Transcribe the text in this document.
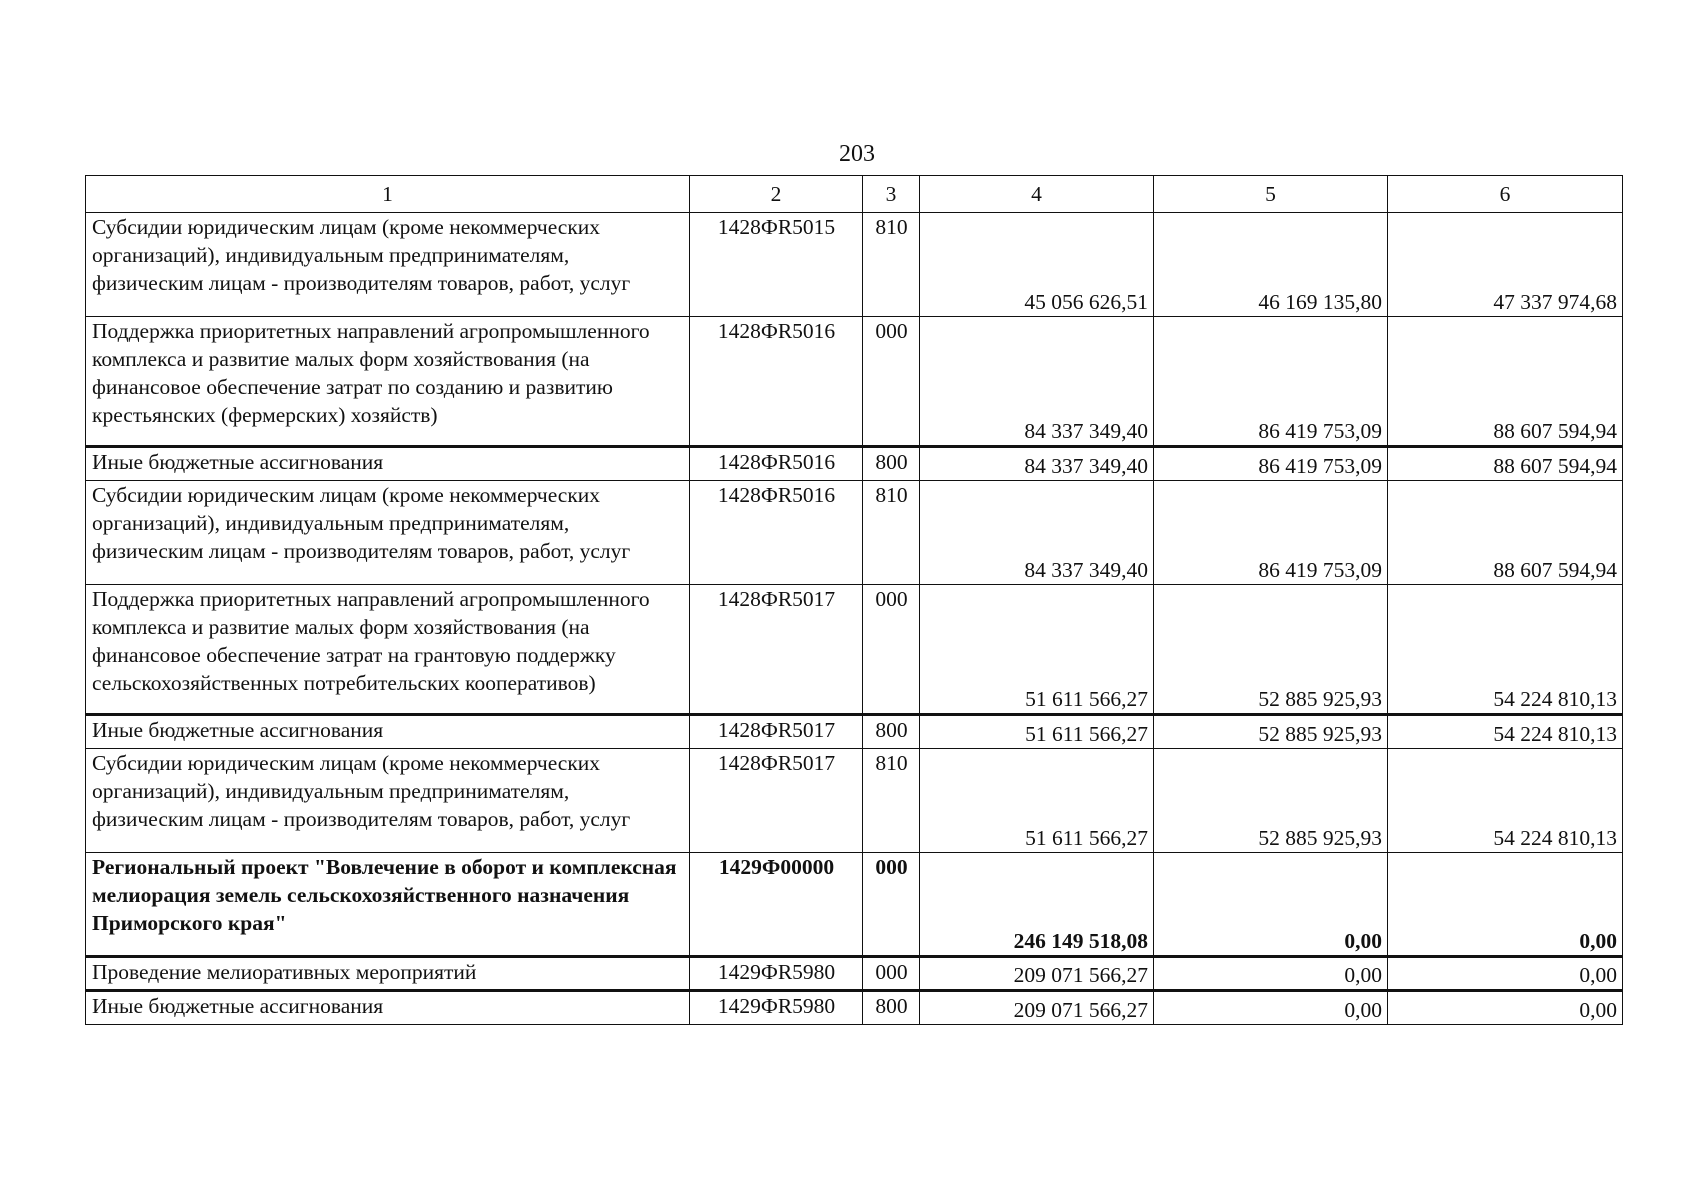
203
1	2	3	4	5	6
Субсидии юридическим лицам (кроме некоммерческих организаций), индивидуальным предпринимателям, физическим лицам - производителям товаров, работ, услуг	1428ФR5015	810	45 056 626,51	46 169 135,80	47 337 974,68
Поддержка приоритетных направлений агропромышленного комплекса и развитие малых форм хозяйствования (на финансовое обеспечение затрат по созданию и развитию крестьянских (фермерских) хозяйств)	1428ФR5016	000	84 337 349,40	86 419 753,09	88 607 594,94
Иные бюджетные ассигнования	1428ФR5016	800	84 337 349,40	86 419 753,09	88 607 594,94
Субсидии юридическим лицам (кроме некоммерческих организаций), индивидуальным предпринимателям, физическим лицам - производителям товаров, работ, услуг	1428ФR5016	810	84 337 349,40	86 419 753,09	88 607 594,94
Поддержка приоритетных направлений агропромышленного комплекса и развитие малых форм хозяйствования (на финансовое обеспечение затрат на грантовую поддержку сельскохозяйственных потребительских кооперативов)	1428ФR5017	000	51 611 566,27	52 885 925,93	54 224 810,13
Иные бюджетные ассигнования	1428ФR5017	800	51 611 566,27	52 885 925,93	54 224 810,13
Субсидии юридическим лицам (кроме некоммерческих организаций), индивидуальным предпринимателям, физическим лицам - производителям товаров, работ, услуг	1428ФR5017	810	51 611 566,27	52 885 925,93	54 224 810,13
Региональный проект "Вовлечение в оборот и комплексная мелиорация земель сельскохозяйственного назначения Приморского края"	1429Ф00000	000	246 149 518,08	0,00	0,00
Проведение мелиоративных мероприятий	1429ФR5980	000	209 071 566,27	0,00	0,00
Иные бюджетные ассигнования	1429ФR5980	800	209 071 566,27	0,00	0,00
